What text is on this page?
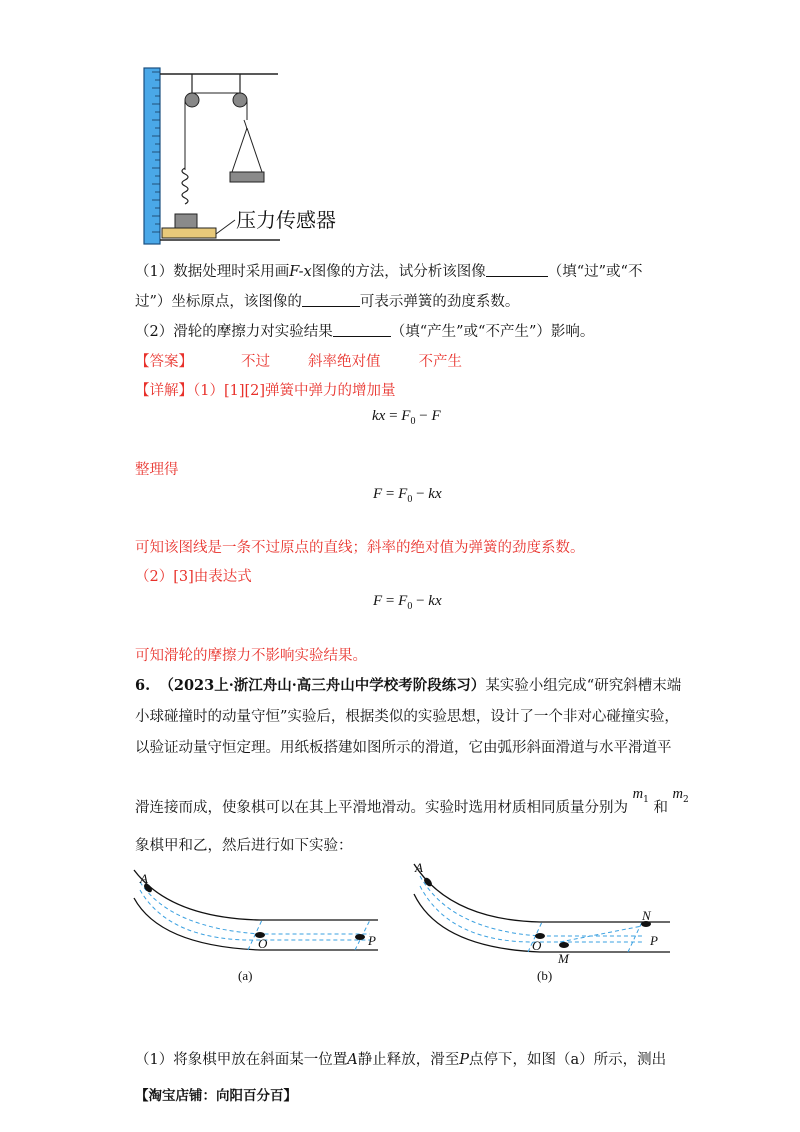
压力传感器
（1）数据处理时采用画F-x图像的方法，试分析该图像	（填“过”或“不
过”）坐标原点，该图像的	可表示弹簧的劲度系数。
（2）滑轮的摩擦力对实验结果	（填“产生”或“不产生”）影响。
【答案】	不过	斜率绝对值	不产生
【详解】（1）[1][2]弹簧中弹力的增加量
kx = $F_0 - F$
整理得
$F = F_0$ − kx
可知该图线是一条不过原点的直线；斜率的绝对值为弹簧的劲度系数。
（2）[3]由表达式
$F = F_0$ − kx
可知滑轮的摩擦力不影响实验结果。
6. （2023上·浙江舟山·高三舟山中学校考阶段练习）某实验小组完成“研究斜槽末端
小球碰撞时的动量守恒”实验后，根据类似的实验思想，设计了一个非对心碰撞实验，
以验证动量守恒定理。用纸板搭建如图所示的滑道，它由弧形斜面滑道与水平滑道平
滑连接而成，使象棋可以在其上平滑地滑动。实验时选用材质相同质量分别为 $m_1$ 和 $m_2$
象棋甲和乙，然后进行如下实验：
A
O	P
(a)
A
O
M
N
P
(b)
（1）将象棋甲放在斜面某一位置A静止释放，滑至P点停下，如图（a）所示，测出
【淘宝店铺：向阳百分百】
